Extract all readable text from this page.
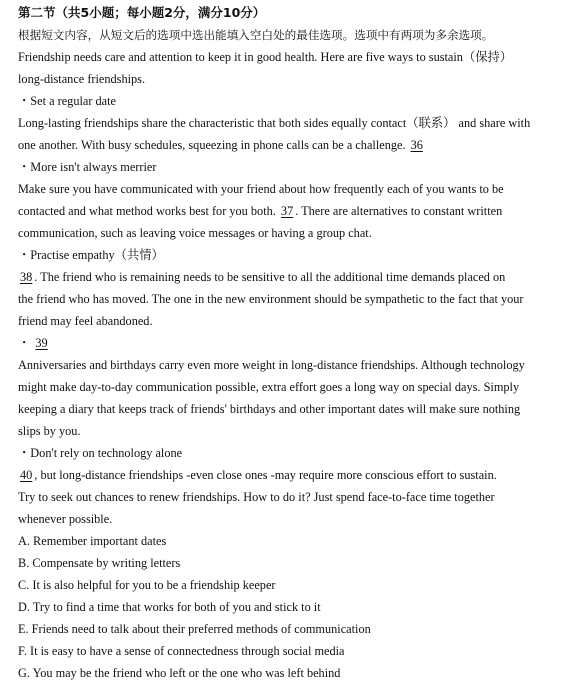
第二节（共5小题；每小题2分，满分10分）
根据短文内容，从短文后的选项中选出能填入空白处的最佳选项。选项中有两项为多余选项。
Friendship needs care and attention to keep it in good health. Here are five ways to sustain（保持）
long-distance friendships.
・Set a regular date
Long-lasting friendships share the characteristic that both sides equally contact（联系） and share with
one another. With busy schedules, squeezing in phone calls can be a challenge. 36
・More isn't always merrier
Make sure you have communicated with your friend about how frequently each of you wants to be
contacted and what method works best for you both. 37 . There are alternatives to constant written
communication, such as leaving voice messages or having a group chat.
・Practise empathy（共情）
38 . The friend who is remaining needs to be sensitive to all the additional time demands placed on
the friend who has moved. The one in the new environment should be sympathetic to the fact that your
friend may feel abandoned.
・ 39
Anniversaries and birthdays carry even more weight in long-distance friendships. Although technology
might make day-to-day communication possible, extra effort goes a long way on special days. Simply
keeping a diary that keeps track of friends' birthdays and other important dates will make sure nothing
slips by you.
・Don't rely on technology alone
40 , but long-distance friendships -even close ones -may require more conscious effort to sustain.
Try to seek out chances to renew friendships. How to do it? Just spend face-to-face time together
whenever possible.
A. Remember important dates
B. Compensate by writing letters
C. It is also helpful for you to be a friendship keeper
D. Try to find a time that works for both of you and stick to it
E. Friends need to talk about their preferred methods of communication
F. It is easy to have a sense of connectedness through social media
G. You may be the friend who left or the one who was left behind
